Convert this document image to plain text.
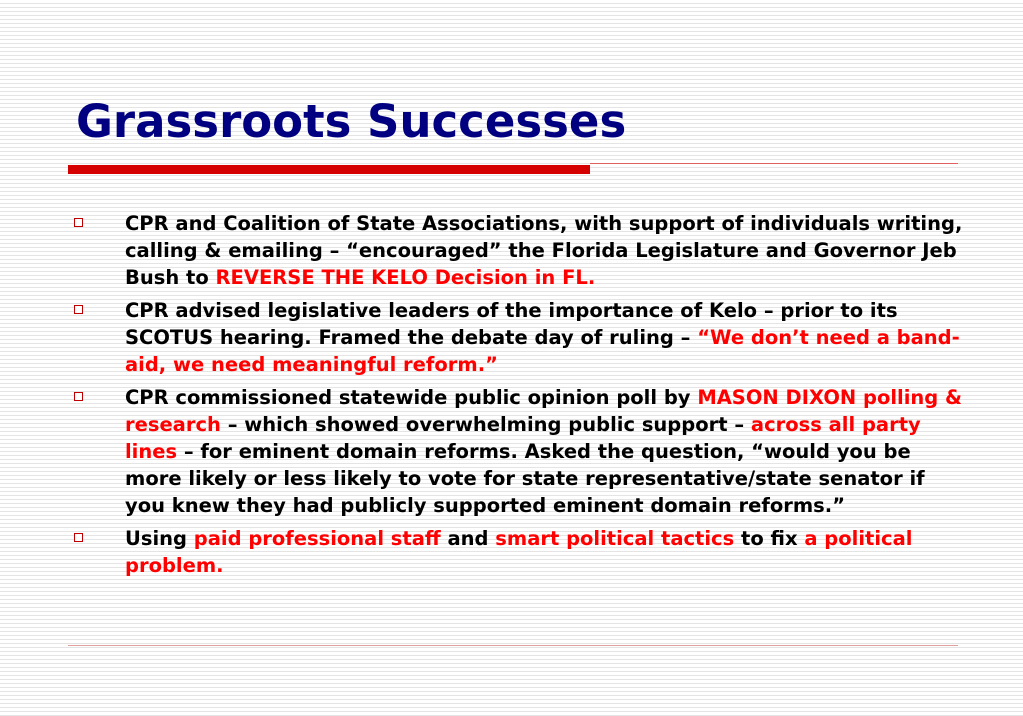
Grassroots Successes
CPR and Coalition of State Associations, with support of individuals writing, calling & emailing – “encouraged” the Florida Legislature and Governor Jeb Bush to REVERSE THE KELO Decision in FL.
CPR advised legislative leaders of the importance of Kelo – prior to its SCOTUS hearing. Framed the debate day of ruling – “We don’t need a band-aid, we need meaningful reform.”
CPR commissioned statewide public opinion poll by MASON DIXON polling & research – which showed overwhelming public support – across all party lines – for eminent domain reforms. Asked the question, “would you be more likely or less likely to vote for state representative/state senator if you knew they had publicly supported eminent domain reforms.”
Using paid professional staff and smart political tactics to fix a political problem.
